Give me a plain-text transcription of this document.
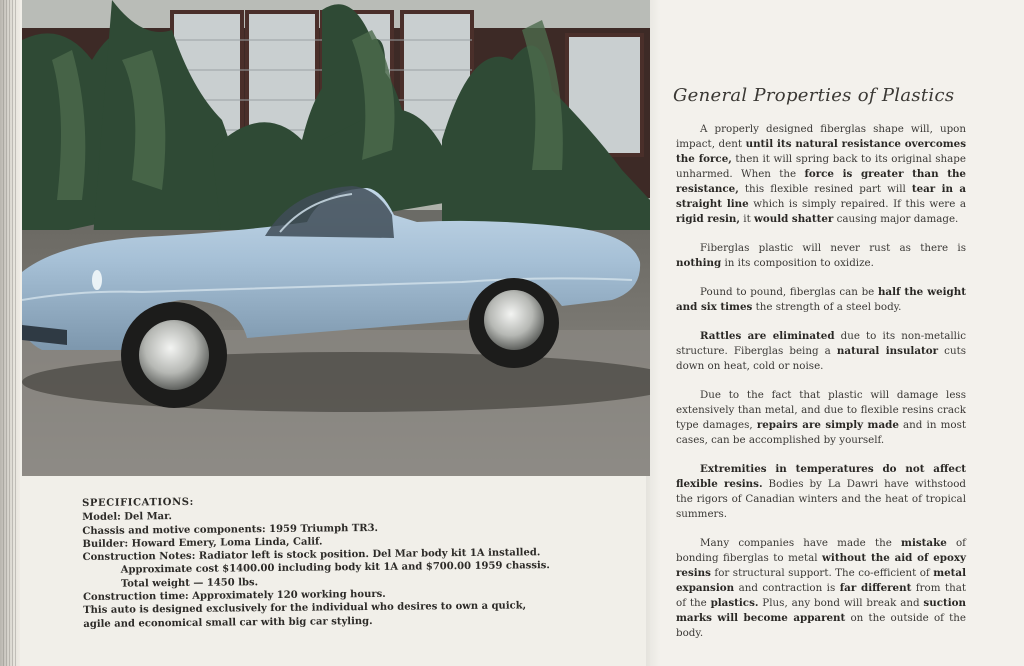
SPECIFICATIONS:
Model: Del Mar.
Chassis and motive components: 1959 Triumph TR3.
Builder: Howard Emery, Loma Linda, Calif.
Construction Notes: Radiator left is stock position. Del Mar body kit 1A installed.
Approximate cost $1400.00 including body kit 1A and $700.00 1959 chassis.
Total weight — 1450 lbs.
Construction time: Approximately 120 working hours.
This auto is designed exclusively for the individual who desires to own a quick,
agile and economical small car with big car styling.
General Properties of Plastics

A properly designed fiberglas shape will, upon impact, dent until its natural resistance overcomes the force, then it will spring back to its original shape unharmed. When the force is greater than the resistance, this flexible resined part will tear in a straight line which is simply repaired. If this were a rigid resin, it would shatter causing major damage.

Fiberglas plastic will never rust as there is nothing in its composition to oxidize.

Pound to pound, fiberglas can be half the weight and six times the strength of a steel body.

Rattles are eliminated due to its non-metallic structure. Fiberglas being a natural insulator cuts down on heat, cold or noise.

Due to the fact that plastic will damage less extensively than metal, and due to flexible resins crack type damages, repairs are simply made and in most cases, can be accomplished by yourself.

Extremities in temperatures do not affect flexible resins. Bodies by La Dawri have withstood the rigors of Canadian winters and the heat of tropical summers.

Many companies have made the mistake of bonding fiberglas to metal without the aid of epoxy resins for structural support. The co-efficient of metal expansion and contraction is far different from that of the plastics. Plus, any bond will break and suction marks will become apparent on the outside of the body.
